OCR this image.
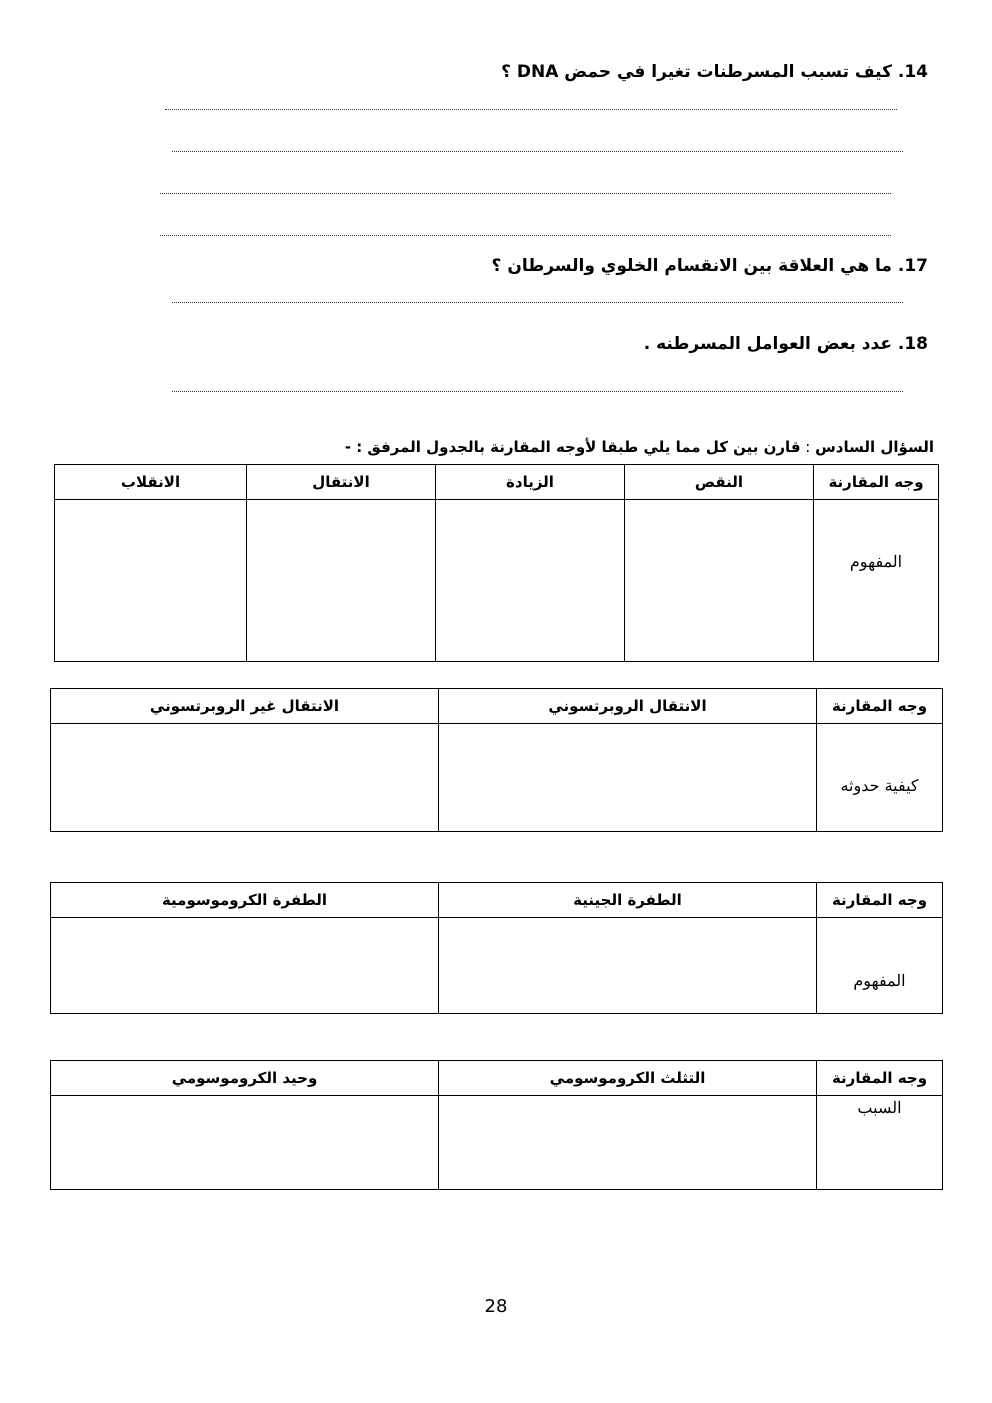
14. كيف تسبب المسرطنات تغيرا في حمض DNA ؟
17. ما هي العلاقة بين الانقسام الخلوي والسرطان ؟
18. عدد بعض العوامل المسرطنه .
السؤال السادس : قارن بين كل مما يلي طبقا لأوجه المقارنة بالجدول المرفق : -
وجه المقارنة	النقص	الزيادة	الانتقال	الانقلاب
المفهوم				
وجه المقارنة	الانتقال الروبرتسوني	الانتقال غير الروبرتسوني
كيفية حدوثه		
وجه المقارنة	الطفرة الجينية	الطفرة الكروموسومية
المفهوم		
وجه المقارنة	التثلث الكروموسومي	وحيد الكروموسومي
السبب		
28
